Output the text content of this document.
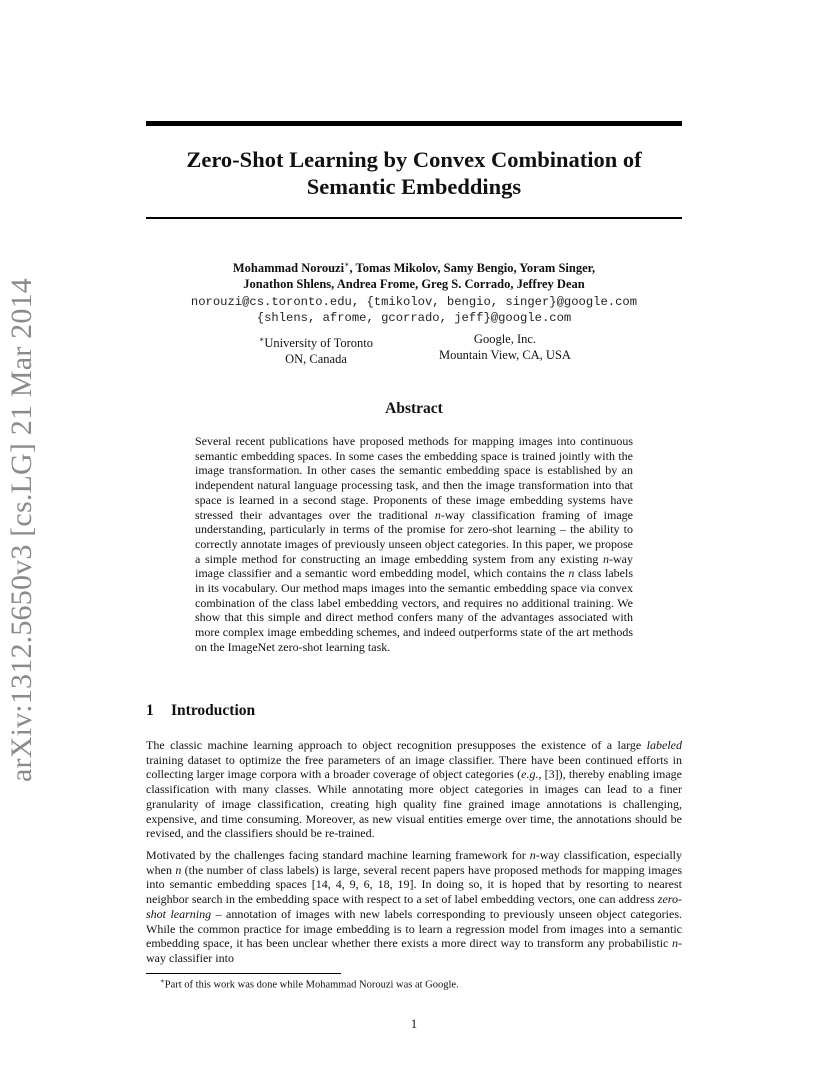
arXiv:1312.5650v3 [cs.LG] 21 Mar 2014
Zero-Shot Learning by Convex Combination of
Semantic Embeddings
Mohammad Norouzi∗, Tomas Mikolov, Samy Bengio, Yoram Singer,
Jonathon Shlens, Andrea Frome, Greg S. Corrado, Jeffrey Dean
norouzi@cs.toronto.edu, {tmikolov, bengio, singer}@google.com
{shlens, afrome, gcorrado, jeff}@google.com
∗University of Toronto
ON, Canada
Google, Inc.
Mountain View, CA, USA
Abstract

Several recent publications have proposed methods for mapping images into continuous semantic embedding spaces. In some cases the embedding space is trained jointly with the image transformation. In other cases the semantic embedding space is established by an independent natural language processing task, and then the image transformation into that space is learned in a second stage. Proponents of these image embedding systems have stressed their advantages over the traditional n-way classification framing of image understanding, particularly in terms of the promise for zero-shot learning – the ability to correctly annotate images of previously unseen object categories. In this paper, we propose a simple method for constructing an image embedding system from any existing n-way image classifier and a semantic word embedding model, which contains the n class labels in its vocabulary. Our method maps images into the semantic embedding space via convex combination of the class label embedding vectors, and requires no additional training. We show that this simple and direct method confers many of the advantages associated with more complex image embedding schemes, and indeed outperforms state of the art methods on the ImageNet zero-shot learning task.

1 Introduction

The classic machine learning approach to object recognition presupposes the existence of a large labeled training dataset to optimize the free parameters of an image classifier. There have been continued efforts in collecting larger image corpora with a broader coverage of object categories (e.g., [3]), thereby enabling image classification with many classes. While annotating more object categories in images can lead to a finer granularity of image classification, creating high quality fine grained image annotations is challenging, expensive, and time consuming. Moreover, as new visual entities emerge over time, the annotations should be revised, and the classifiers should be re-trained.

Motivated by the challenges facing standard machine learning framework for n-way classification, especially when n (the number of class labels) is large, several recent papers have proposed methods for mapping images into semantic embedding spaces [14, 4, 9, 6, 18, 19]. In doing so, it is hoped that by resorting to nearest neighbor search in the embedding space with respect to a set of label embedding vectors, one can address zero-shot learning – annotation of images with new labels corresponding to previously unseen object categories. While the common practice for image embedding is to learn a regression model from images into a semantic embedding space, it has been unclear whether there exists a more direct way to transform any probabilistic n-way classifier into

∗Part of this work was done while Mohammad Norouzi was at Google.
1
